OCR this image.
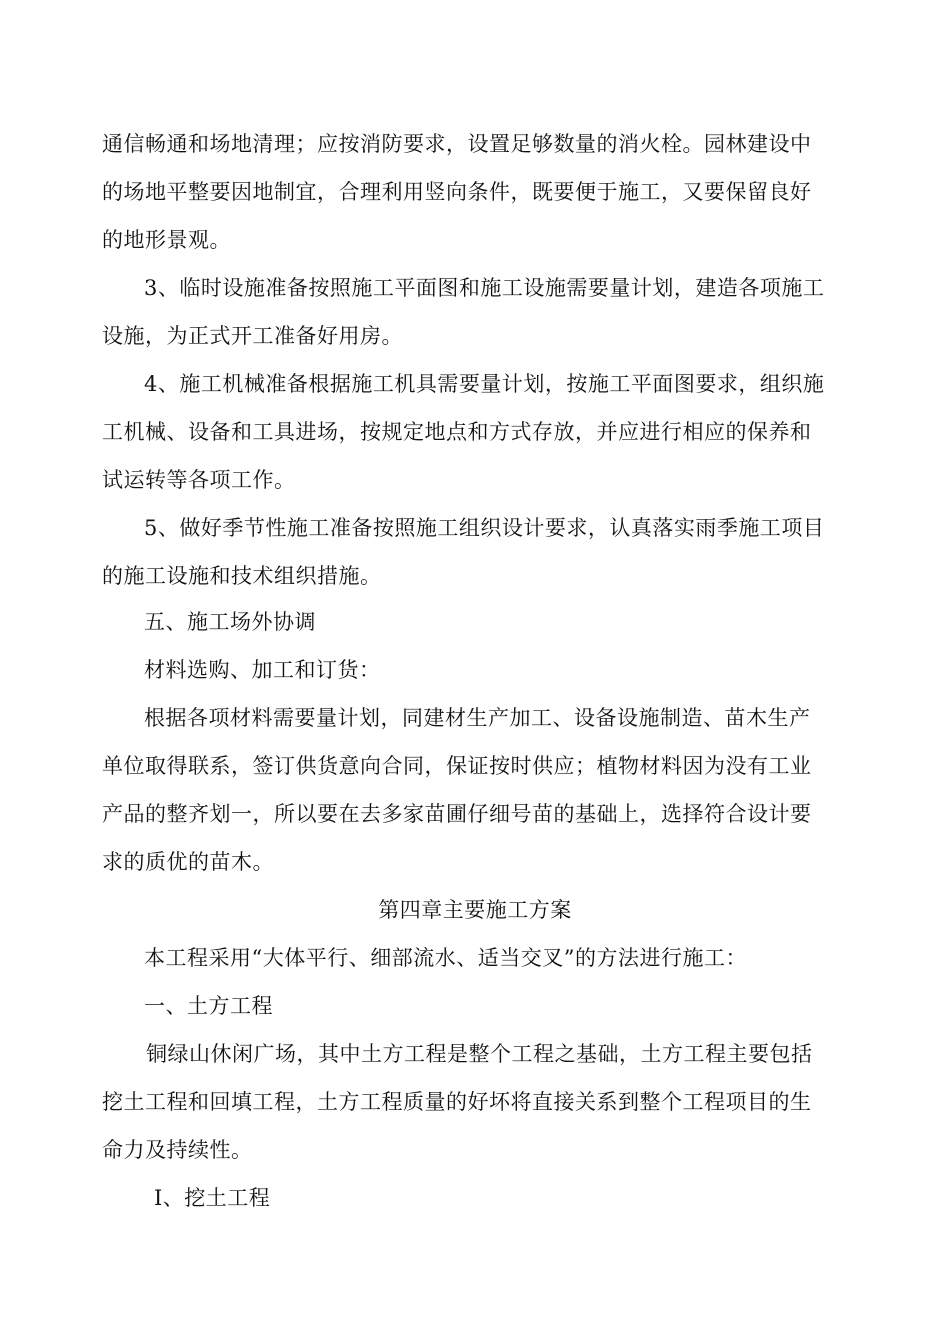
通信畅通和场地清理；应按消防要求，设置足够数量的消火栓。园林建设中
的场地平整要因地制宜，合理利用竖向条件，既要便于施工，又要保留良好
的地形景观。
3、临时设施准备按照施工平面图和施工设施需要量计划，建造各项施工
设施，为正式开工准备好用房。
4、施工机械准备根据施工机具需要量计划，按施工平面图要求，组织施
工机械、设备和工具进场，按规定地点和方式存放，并应进行相应的保养和
试运转等各项工作。
5、做好季节性施工准备按照施工组织设计要求，认真落实雨季施工项目
的施工设施和技术组织措施。
五、施工场外协调
材料选购、加工和订货：
根据各项材料需要量计划，同建材生产加工、设备设施制造、苗木生产
单位取得联系，签订供货意向合同，保证按时供应；植物材料因为没有工业
产品的整齐划一，所以要在去多家苗圃仔细号苗的基础上，选择符合设计要
求的质优的苗木。

第四章主要施工方案

本工程采用“大体平行、细部流水、适当交叉”的方法进行施工：
一、土方工程
铜绿山休闲广场，其中土方工程是整个工程之基础，土方工程主要包括
挖土工程和回填工程，土方工程质量的好坏将直接关系到整个工程项目的生
命力及持续性。
Ⅰ、挖土工程
